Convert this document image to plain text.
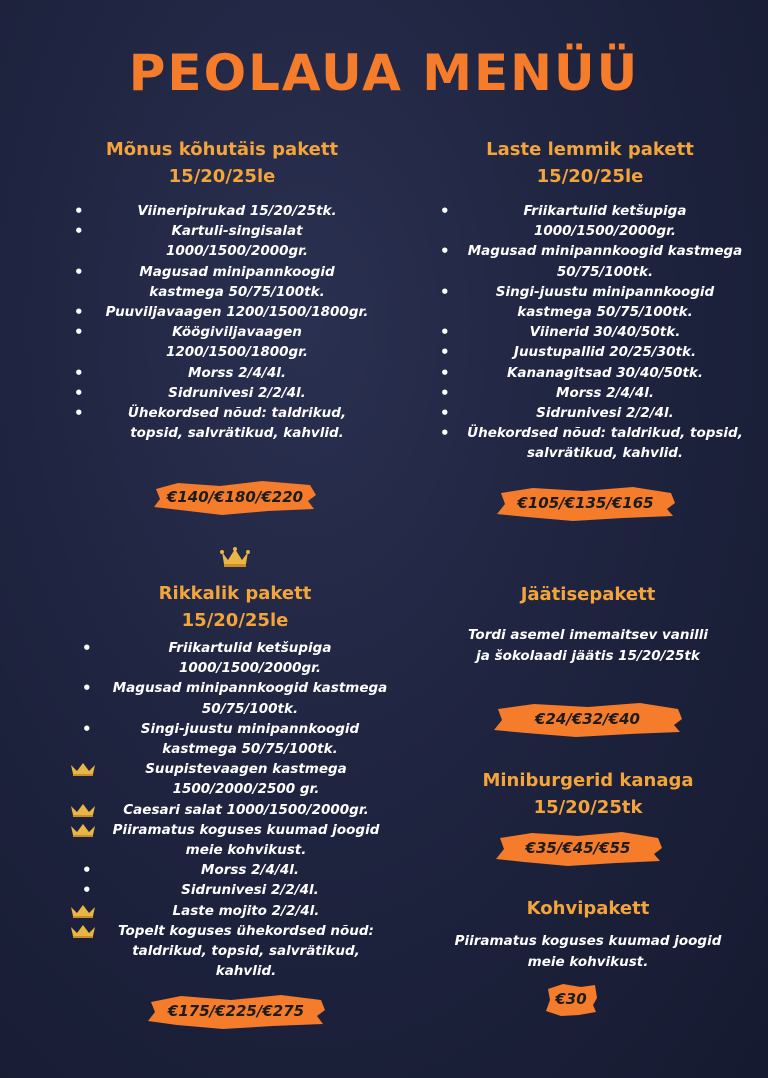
PEOLAUA MENÜÜ
Mõnus kõhutäis pakett
15/20/25le
•
Viineripirukad 15/20/25tk.
•
Kartuli-singisalat 1000/1500/2000gr.
•
Magusad minipannkoogid kastmega 50/75/100tk.
•
Puuviljavaagen 1200/1500/1800gr.
•
Köögiviljavaagen 1200/1500/1800gr.
•
Morss 2/4/4l.
•
Sidrunivesi 2/2/4l.
•
Ühekordsed nõud: taldrikud, topsid, salvrätikud, kahvlid.
€140/€180/€220
Laste lemmik pakett
15/20/25le
•
Friikartulid ketšupiga 1000/1500/2000gr.
•
Magusad minipannkoogid kastmega 50/75/100tk.
•
Singi-juustu minipannkoogid kastmega 50/75/100tk.
•
Viinerid 30/40/50tk.
•
Juustupallid 20/25/30tk.
•
Kananagitsad 30/40/50tk.
•
Morss 2/4/4l.
•
Sidrunivesi 2/2/4l.
•
Ühekordsed nõud: taldrikud, topsid, salvrätikud, kahvlid.
€105/€135/€165
Rikkalik pakett
15/20/25le
•
Friikartulid ketšupiga 1000/1500/2000gr.
•
Magusad minipannkoogid kastmega 50/75/100tk.
•
Singi-juustu minipannkoogid kastmega 50/75/100tk.
Suupistevaagen kastmega 1500/2000/2500 gr.
Caesari salat 1000/1500/2000gr.
Piiramatus koguses kuumad joogid meie kohvikust.
•
Morss 2/4/4l.
•
Sidrunivesi 2/2/4l.
Laste mojito 2/2/4l.
Topelt koguses ühekordsed nõud: taldrikud, topsid, salvrätikud, kahvlid.
€175/€225/€275
Jäätisepakett
Tordi asemel imemaitsev vanilli ja šokolaadi jäätis 15/20/25tk
€24/€32/€40
Miniburgerid kanaga
15/20/25tk
€35/€45/€55
Kohvipakett
Piiramatus koguses kuumad joogid meie kohvikust.
€30
